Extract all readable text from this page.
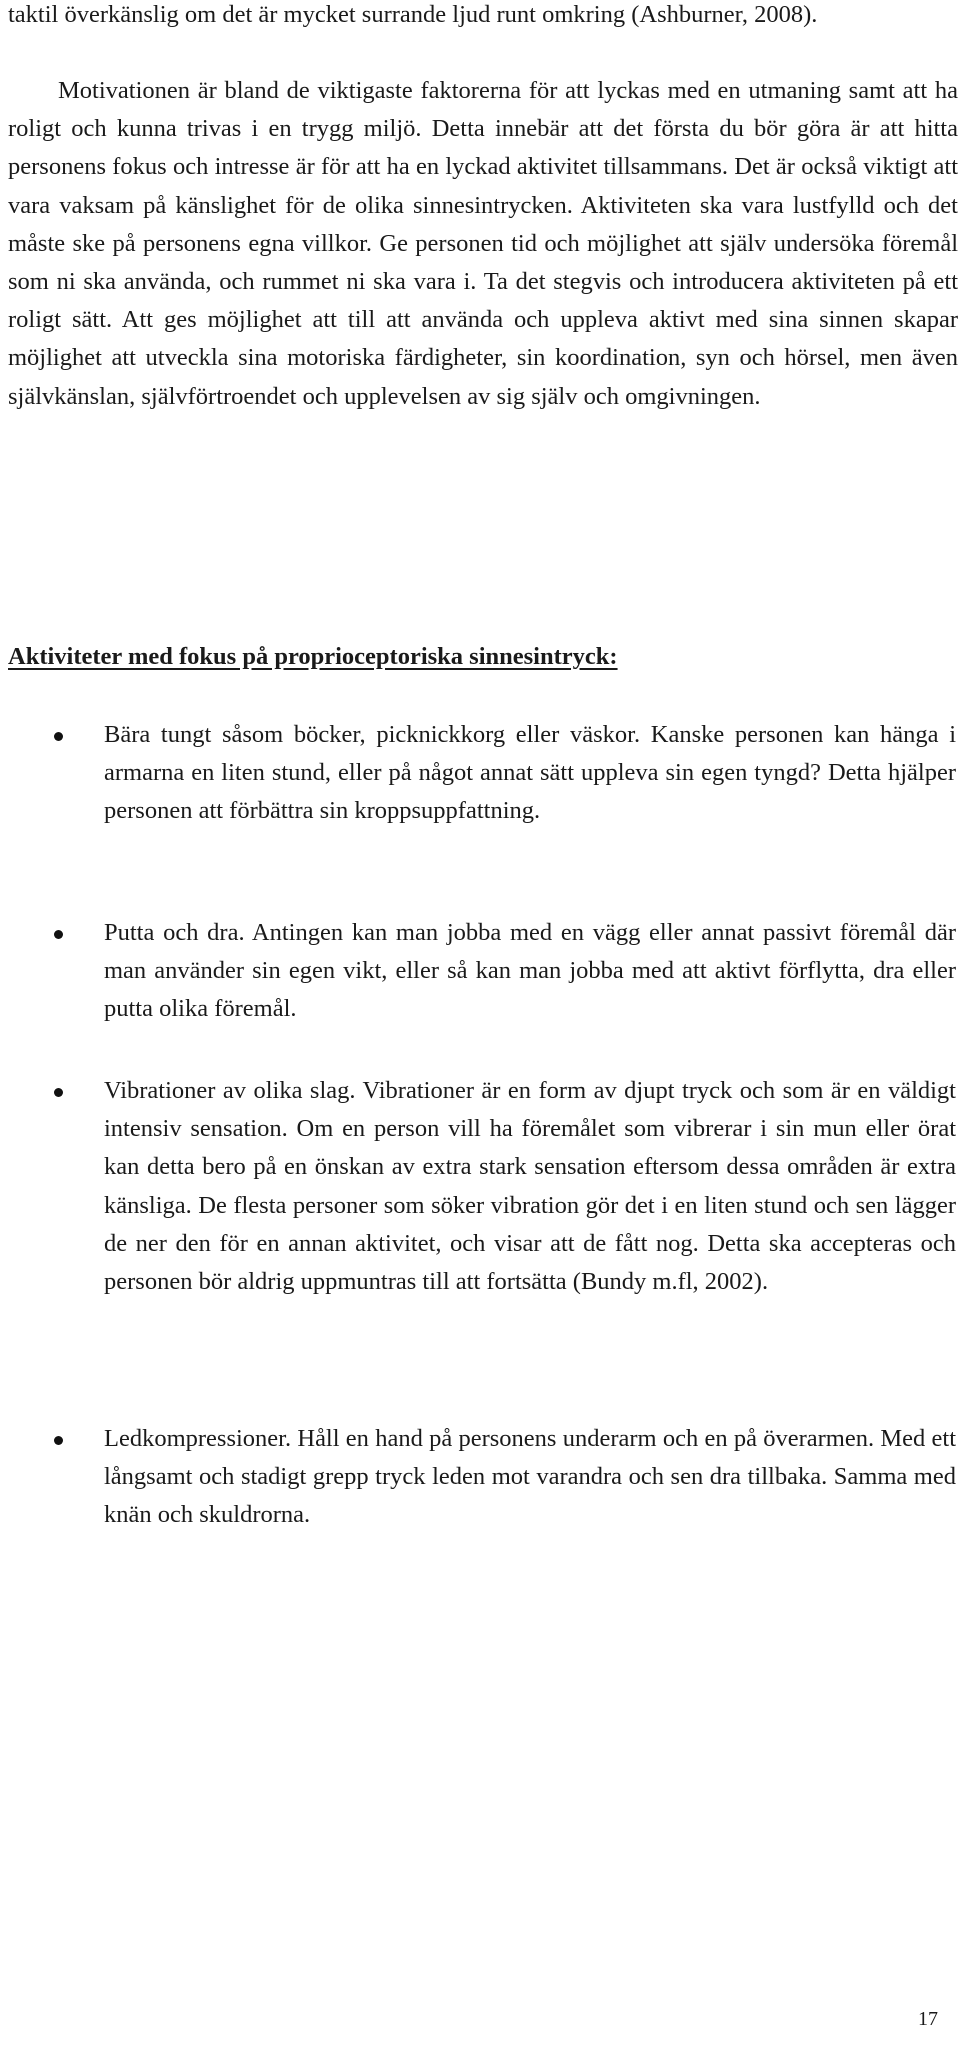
taktil överkänslig om det är mycket surrande ljud runt omkring (Ashburner, 2008).

Motivationen är bland de viktigaste faktorerna för att lyckas med en utmaning samt att ha roligt och kunna trivas i en trygg miljö. Detta innebär att det första du bör göra är att hitta personens fokus och intresse är för att ha en lyckad aktivitet tillsammans. Det är också viktigt att vara vaksam på känslighet för de olika sinnesintrycken. Aktiviteten ska vara lustfylld och det måste ske på personens egna villkor. Ge personen tid och möjlighet att själv undersöka föremål som ni ska använda, och rummet ni ska vara i. Ta det stegvis och introducera aktiviteten på ett roligt sätt. Att ges möjlighet att till att använda och uppleva aktivt med sina sinnen skapar möjlighet att utveckla sina motoriska färdigheter, sin koordination, syn och hörsel, men även självkänslan, självförtroendet och upplevelsen av sig själv och omgivningen.

Aktiviteter med fokus på proprioceptoriska sinnesintryck:

Bära tungt såsom böcker, picknickkorg eller väskor. Kanske personen kan hänga i armarna en liten stund, eller på något annat sätt uppleva sin egen tyngd? Detta hjälper personen att förbättra sin kroppsuppfattning.

Putta och dra. Antingen kan man jobba med en vägg eller annat passivt föremål där man använder sin egen vikt, eller så kan man jobba med att aktivt förflytta, dra eller putta olika föremål.

Vibrationer av olika slag. Vibrationer är en form av djupt tryck och som är en väldigt intensiv sensation. Om en person vill ha föremålet som vibrerar i sin mun eller örat kan detta bero på en önskan av extra stark sensation eftersom dessa områden är extra känsliga. De flesta personer som söker vibration gör det i en liten stund och sen lägger de ner den för en annan aktivitet, och visar att de fått nog. Detta ska accepteras och personen bör aldrig uppmuntras till att fortsätta (Bundy m.fl, 2002).

Ledkompressioner. Håll en hand på personens underarm och en på överarmen. Med ett långsamt och stadigt grepp tryck leden mot varandra och sen dra tillbaka. Samma med knän och skuldrorna.

17
